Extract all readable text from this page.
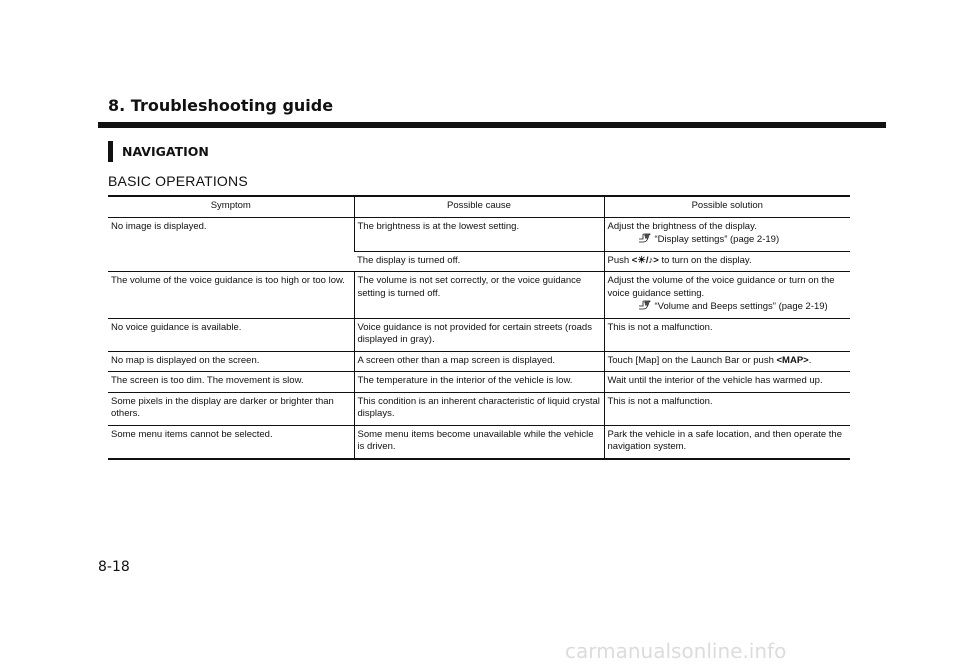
8. Troubleshooting guide
NAVIGATION
BASIC OPERATIONS
Symptom	Possible cause	Possible solution
No image is displayed.	The brightness is at the lowest setting.	Adjust the brightness of the display.
“Display settings” (page 2-19)

	The display is turned off.	Push <☀/♪> to turn on the display.
The volume of the voice guidance is too high or too low.	The volume is not set correctly, or the voice guidance setting is turned off.	Adjust the volume of the voice guidance or turn on the voice guidance setting.
“Volume and Beeps settings” (page 2-19)

No voice guidance is available.	Voice guidance is not provided for certain streets (roads displayed in gray).	This is not a malfunction.
No map is displayed on the screen.	A screen other than a map screen is displayed.	Touch [Map] on the Launch Bar or push <MAP>.
The screen is too dim. The movement is slow.	The temperature in the interior of the vehicle is low.	Wait until the interior of the vehicle has warmed up.
Some pixels in the display are darker or brighter than others.	This condition is an inherent characteristic of liquid crystal displays.	This is not a malfunction.
Some menu items cannot be selected.	Some menu items become unavailable while the vehicle is driven.	Park the vehicle in a safe location, and then operate the navigation system.
8-18
carmanualsonline.info
